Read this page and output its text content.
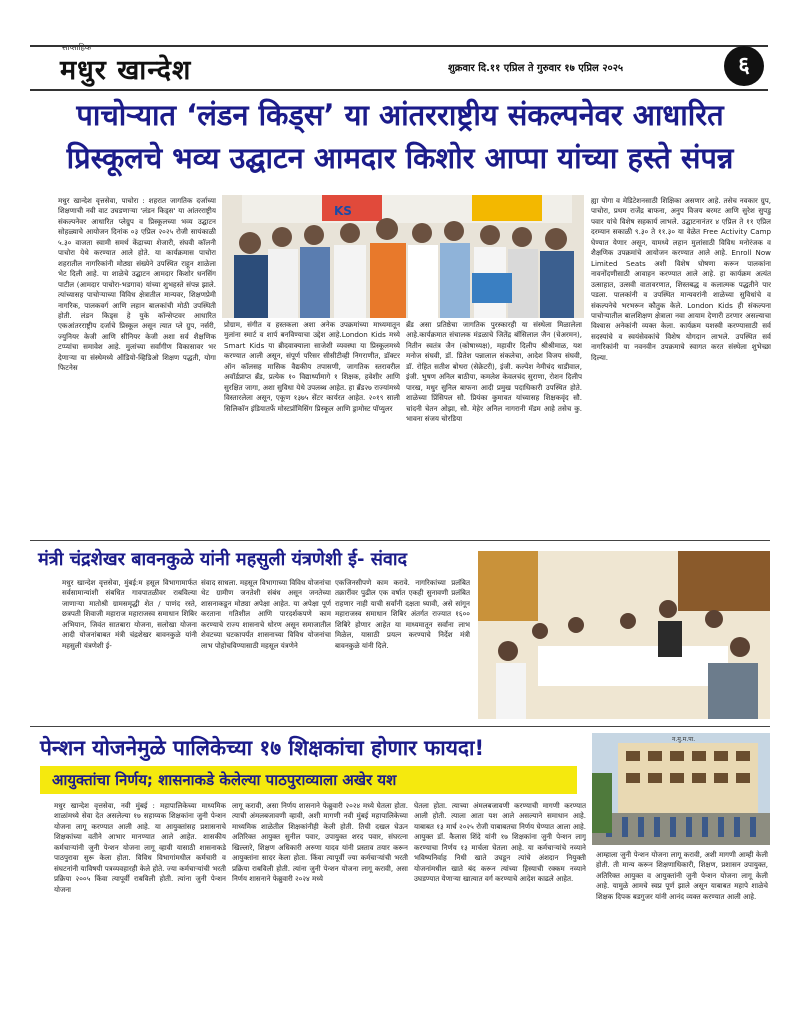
साप्ताहिक
मधुर खान्देश	शुक्रवार दि.११ एप्रिल ते गुरुवार १७ एप्रिल २०२५	६
पाचोऱ्यात ‘लंडन किड्स’ या आंतरराष्ट्रीय संकल्पनेवर आधारित
प्रिस्कूलचे भव्य उद्घाटन आमदार किशोर आप्पा यांच्या हस्ते संपन्न
KS
मधुर खान्देश वृत्तसेवा, पाचोरा : शहरात जागतिक दर्जाच्या शिक्षणाची नवी वाट उघडणाऱ्या 'लंडन किड्स' या आंतरराष्ट्रीय संकल्पनेवर आधारित प्लेग्रुप व प्रिस्कूलच्या भव्य उद्घाटन सोहळ्याचे आयोजन दिनांक ०३ एप्रिल २०२५ रोजी सायंकाळी ५.३० वाजता स्वामी समर्थ केंद्राच्या शेजारी, संघवी कॉलनी पाचोरा येथे करण्यात आले होते. या कार्यक्रमास पाचोरा शहरातील नागरिकांनी मोठ्या संख्येने उपस्थित राहून शाळेला भेट दिली आहे. या शाळेचे उद्घाटन आमदार किशोर धनसिंग पाटील (आमदार पाचोरा-भडगाव) यांच्या शुभहस्ते संपन्न झाले. त्यांच्यासह पाचोऱ्याच्या विविध क्षेत्रातील मान्यवर, शिक्षणप्रेमी नागरिक, पालकवर्ग आणि लहान बालकांची मोठी उपस्थिती होती. लंडन किड्स हे युके कॉन्सेप्टवर आधारित एकआंतरराष्ट्रीय दर्जाचे प्रिस्कूल असून त्यात प्ले ग्रुप, नर्सरी, ज्युनियर केजी आणि सीनियर केजी अशा सर्व शैक्षणिक टप्प्यांचा समावेश आहे. मुलांच्या सर्वांगीण विकासावर भर देणाऱ्या या संस्थेमध्ये ऑडियो-व्हिडिओ शिक्षण पद्धती, योगा फिटनेस
प्रोग्राम, संगीत व हस्तकला अशा अनेक उपक्रमांच्या माध्यमातून मुलांना स्मार्ट व शार्प बनविण्याचा उद्देश आहे.London Kids मध्ये Smart Kids या ब्रीदवाक्याला साजेशी व्यवस्था या प्रिस्कूलमध्ये करण्यात आली असून, संपूर्ण परिसर सीसीटीव्ही निगराणीत, डॉक्टर ऑन कॉलसह मासिक वैद्यकीय तपासणी, जागतिक स्तरावरील अवॉर्डप्राप्त ब्रँड, प्रत्येक १० विद्यार्थ्यांमागे १ शिक्षक, हवेशीर आणि सुरक्षित जागा, अशा सुविधा येथे उपलब्ध आहेत. हा ब्रँड२७ राज्यांमध्ये विस्तारलेला असून, एकूण १३७५ सेंटर कार्यरत आहेत. २०१९ साली सिलिकॉन इंडियातर्फे मोस्टप्रॉमिसिंग प्रिस्कूल आणि ड्रामोस्ट पॉप्युलर
ब्रँड असा प्रतिष्ठेचा जागतिक पुरस्कारही या संस्थेला मिळालेला आहे.कार्यक्रमात संचालक मंडळाचे जितेंद्र बॉसिलाल जैन (चेअरमन), नितीन स्वतंत्र जैन (कोषाध्यक्ष), महावीर दिलीप श्रीश्रीमाळ, यश मनोज संघवी, डॉ. प्रितेश पन्नालाल संकलेचा, आदेश विजय संघवी, डॉ. रोहित सतीश बोथरा (सेक्रेटरी), इंजी. कल्पेश नेमीचंद धाडीवाल, इंजी. भुषण अनिल बाठीया, कमलेश केवलचंद सुराणा, रोशन दिलीप पारख, मधुर सुनिल बाफना आदी प्रमुख पदाधिकारी उपस्थित होते. शाळेच्या प्रिंसिपल सौ. प्रियंका कुमावत यांच्यासह शिक्षकवृंद सौ. चांदनी चेतन ओझा, सौ. मेहेर अनिल नागरानी मॅडम आहे तसेच कु. भावना संजय चोरडिया
ह्या योगा व मेडिटेशनसाठी शिक्षिका असणार आहे. तसेच नवकार ग्रुप, पाचोरा, प्रथम राजेंद्र बाफना, अनुप विजय बरमट आणि सुरेश सुपडु पवार यांचे विशेष सहकार्य लाभले. उद्घाटनानंतर ४ एप्रिल ते ११ एप्रिल दरम्यान सकाळी ९.३० ते ११.३० या वेळेत Free Activity Camp घेण्यात येणार असून, यामध्ये लहान मुलांसाठी विविध मनोरंजक व शैक्षणिक उपक्रमांचे आयोजन करण्यात आले आहे. Enroll Now Limited Seats अशी विशेष घोषणा करून पालकांना नावनोंदणीसाठी आवाहन करण्यात आले आहे. हा कार्यक्रम अत्यंत उत्साहात, उत्सवी वातावरणात, शिस्तबद्ध व कलात्मक पद्धतीने पार पडला. पालकांनी व उपस्थित मान्यवरांनी शाळेच्या सुविधांचे व संकल्पनेचे भरभरून कौतुक केले. London Kids ही संकल्पना पाचोऱ्यातील बालशिक्षण क्षेत्राला नवा आयाम देणारी ठरणार असल्याचा विश्वास अनेकांनी व्यक्त केला. कार्यक्रम यशस्वी करण्यासाठी सर्व सदस्यांचे व स्वयंसेवकांचे विशेष योगदान लाभले. उपस्थित सर्व नागरिकांनी या नवनवीन उपक्रमाचे स्वागत करत संस्थेला शुभेच्छा दिल्या.
मंत्री चंद्रशेखर बावनकुळे यांनी महसुली यंत्रणेशी ई- संवाद
मधुर खान्देश वृत्तसेवा, मुंबई:म हसूल विभागामार्फत सर्वसामान्यांशी संबधित गावपातळीवर राबविल्या जाणाऱ्या मातोश्री ग्रामसमृद्धी शेत / पाणंद रस्ते, छत्रपती शिवाजी महाराज महाराजस्व समाधान शिबिर अभियान, जिवंत सातबारा योजना, सलोखा योजना आदी योजनांबाबत मंत्री चंद्रशेखर बावनकुळे यांनी महसुली यंत्रणेशी ई-
संवाद साधला. महसूल विभागाच्या विविध योजनांचा थेट ग्रामीण जनतेशी संबंध असून जनतेच्या शासनाकडून मोठ्या अपेक्षा आहेत. या अपेक्षा पूर्ण करताना गतिशील आणि पारदर्शकपणे काम करण्याचे राज्य शासनाचे धोरण असून समाजातील शेवटच्या घटकापर्यंत शासनाच्या विविध योजनांचा लाभ पोहोचविण्यासाठी महसूल यंत्रणेने
एकजिनसीपणे काम करावे. नागरिकांच्या प्रलंबित तक्रारींवर पुढील एक वर्षात एकही सुनावणी प्रलंबित राहणार नाही याची सर्वांनी दक्षता घ्यावी, असे सांगून महाराजस्व समाधान शिबिर अंतर्गत राज्यात १६०० शिबिरे होणार आहेत या माध्यमातून सर्वांना लाभ मिळेल, यासाठी प्रयत्न करण्याचे निर्देश मंत्री बावनकुळे यांनी दिले.
पेन्शन योजनेमुळे पालिकेच्या १७ शिक्षकांचा होणार फायदा!
आयुक्तांचा निर्णय; शासनाकडे केलेल्या पाठपुराव्याला अखेर यश
मधुर खान्देश वृत्तसेवा, नवी मुंबई : महापालिकेच्या माध्यमिक शाळांमध्ये सेवा देत असलेल्या १७ सहाय्यक शिक्षकांना जुनी पेन्शन योजना लागू करण्यात आली आहे. या आयुक्तांसह प्रशासनाचे शिक्षकांच्या वतीने आभार मानण्यात आले आहेत. शासकीय कर्मचाऱ्यांनी जुनी पेन्शन योजना लागू व्हावी यासाठी शासनाकडे पाठपुरावा सुरू केला होता. विविध विभागांमधील कर्मचारी व संघटनांनी याविषयी पत्रव्यवहारही केले होते. ज्या कर्मचाऱ्यांची भरती प्रक्रिया २००५ किंवा त्यापूर्वी राबविली होती. त्यांना जुनी पेन्शन योजना
लागू करावी, असा निर्णय शासनाने फेब्रुवारी २०२४ मध्ये घेतला होता. त्याची अंमलबजावणी व्हावी, अशी मागणी नवी मुंबई महापालिकेच्या माध्यमिक शाळेतील शिक्षकांनीही केली होती. तिची दखल घेऊन अतिरिक्त आयुक्त सुनील पवार, उपायुक्त शरद पवार, संघरत्ना खिल्लारे, शिक्षण अधिकारी अरुणा यादव यांनी प्रस्ताव तयार करून आयुक्तांना सादर केला होता. किंवा त्यापूर्वी ज्या कर्मचाऱ्यांची भरती प्रक्रिया राबविली होती. त्यांना जुनी पेन्शन योजना लागू करावी, असा निर्णय शासनाने फेब्रुवारी २०२४ मध्ये
घेतला होता. त्याच्या अंमलबजावणी करण्याची मागणी करण्यात आली होती. त्याला आता यश आले असल्याने समाधान आहे. याबाबत १३ मार्च २०२५ रोजी याबाबतचा निर्णय घेण्यात आला आहे. आयुक्त डॉ. कैलास शिंदे यांनी १७ शिक्षकांना जुनी पेन्शन लागू करण्याचा निर्णय १३ मार्चला घेतला आहे. या कर्मचाऱ्यांचे नव्याने भविष्यनिर्वाह निधी खाते उघडून त्यांचे अंशदान नियुक्ती योजनांमधील खाते बंद करून त्यांच्या हिस्याची रक्कम नव्याने उघडण्यात येणाऱ्या खात्यात वर्ग करण्याचे आदेश काढले आहेत.
न.मु.म.पा.
आम्हाला जुनी पेन्शन योजना लागू करावी, अशी मागणी आम्ही केली होती. ती मान्य करून शिक्षणाधिकारी, शिक्षण, प्रशासन उपायुक्त, अतिरिक्त आयुक्त व आयुक्तांनी जुनी पेन्शन योजना लागू केली आहे. यामुळे आमचे स्वप्न पूर्ण झाले असून याबाबत महापे शाळेचे शिक्षक दिपक बडगुजर यांनी आनंद व्यक्त करण्यात आली आहे.
